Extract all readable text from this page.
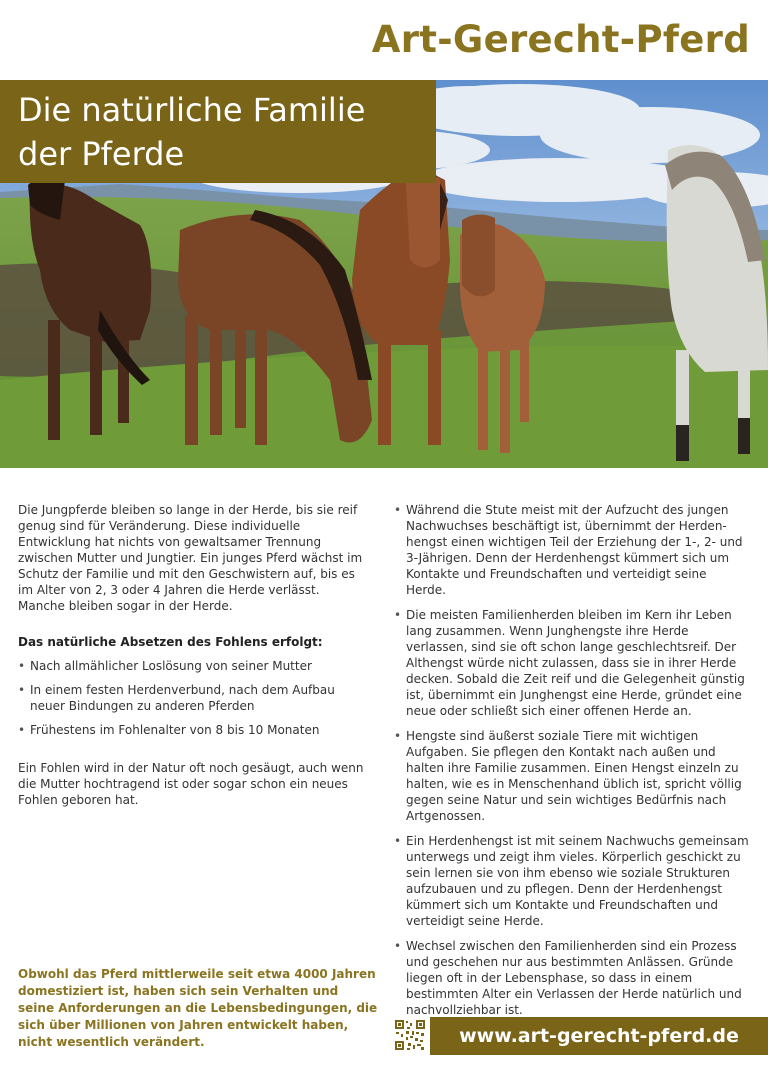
Art-Gerecht-Pferd
Die natürliche Familie
der Pferde

Die Jungpferde bleiben so lange in der Herde, bis sie reif genug sind für Veränderung. Diese individuelle Entwicklung hat nichts von gewaltsamer Trennung zwischen Mutter und Jungtier. Ein junges Pferd wächst im Schutz der Familie und mit den Geschwistern auf, bis es im Alter von 2, 3 oder 4 Jahren die Herde verlässt. Manche bleiben sogar in der Herde.

Das natürliche Absetzen des Fohlens erfolgt:
• Nach allmählicher Loslösung von seiner Mutter
• In einem festen Herdenverbund, nach dem Aufbau neuer Bindungen zu anderen Pferden
• Frühestens im Fohlenalter von 8 bis 10 Monaten

Ein Fohlen wird in der Natur oft noch gesäugt, auch wenn die Mutter hochtragend ist oder sogar schon ein neues Fohlen geboren hat.

• Während die Stute meist mit der Aufzucht des jungen Nachwuchses beschäftigt ist, übernimmt der Herden-hengst einen wichtigen Teil der Erziehung der 1-, 2- und 3-Jährigen. Denn der Herdenhengst kümmert sich um Kontakte und Freundschaften und verteidigt seine Herde.
• Die meisten Familienherden bleiben im Kern ihr Leben lang zusammen. Wenn Junghengste ihre Herde verlassen, sind sie oft schon lange geschlechtsreif. Der Althengst würde nicht zulassen, dass sie in ihrer Herde decken. Sobald die Zeit reif und die Gelegenheit günstig ist, übernimmt ein Junghengst eine Herde, gründet eine neue oder schließt sich einer offenen Herde an.
• Hengste sind äußerst soziale Tiere mit wichtigen Aufgaben. Sie pflegen den Kontakt nach außen und halten ihre Familie zusammen. Einen Hengst einzeln zu halten, wie es in Menschenhand üblich ist, spricht völlig gegen seine Natur und sein wichtiges Bedürfnis nach Artgenossen.
• Ein Herdenhengst ist mit seinem Nachwuchs gemeinsam unterwegs und zeigt ihm vieles. Körperlich geschickt zu sein lernen sie von ihm ebenso wie soziale Strukturen aufzubauen und zu pflegen. Denn der Herdenhengst kümmert sich um Kontakte und Freundschaften und verteidigt seine Herde.
• Wechsel zwischen den Familienherden sind ein Prozess und geschehen nur aus bestimmten Anlässen. Gründe liegen oft in der Lebensphase, so dass in einem bestimmten Alter ein Verlassen der Herde natürlich und nachvollziehbar ist.

Obwohl das Pferd mittlerweile seit etwa 4000 Jahren domestiziert ist, haben sich sein Verhalten und seine Anforderungen an die Lebensbedingungen, die sich über Millionen von Jahren entwickelt haben, nicht wesentlich verändert.	www.art-gerecht-pferd.de
